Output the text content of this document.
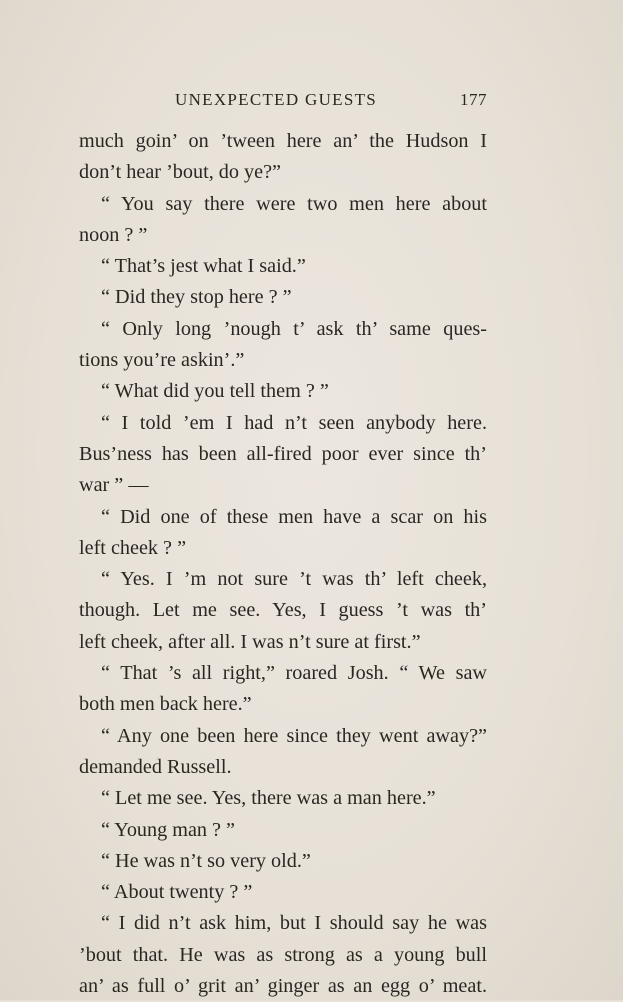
UNEXPECTED GUESTS	177
much goin’ on ’tween here an’ the Hudson I
don’t hear ’bout, do ye?”
“ You say there were two men here about
noon ? ”
“ That’s jest what I said.”
“ Did they stop here ? ”
“ Only long ’nough t’ ask th’ same ques-
tions you’re askin’.”
“ What did you tell them ? ”
“ I told ’em I had n’t seen anybody here.
Bus’ness has been all-fired poor ever since th’
war ” —
“ Did one of these men have a scar on his
left cheek ? ”
“ Yes. I ’m not sure ’t was th’ left cheek,
though. Let me see. Yes, I guess ’t was th’
left cheek, after all. I was n’t sure at first.”
“ That ’s all right,” roared Josh. “ We saw
both men back here.”
“ Any one been here since they went away?”
demanded Russell.
“ Let me see. Yes, there was a man here.”
“ Young man ? ”
“ He was n’t so very old.”
“ About twenty ? ”
“ I did n’t ask him, but I should say he was
’bout that. He was as strong as a young bull
an’ as full o’ grit an’ ginger as an egg o’ meat.
